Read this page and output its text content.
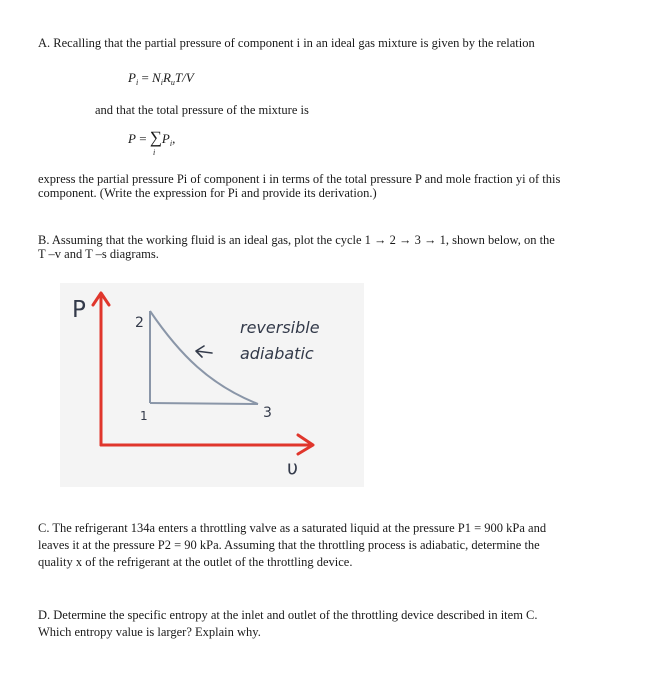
A. Recalling that the partial pressure of component i in an ideal gas mixture is given by the relation
$P_i = N_iR_uT/V$
and that the total pressure of the mixture is
$P = \sum P_i$,
i
express the partial pressure Pi of component i in terms of the total pressure P and mole fraction yi of this
component. (Write the expression for Pi and provide its derivation.)
B. Assuming that the working fluid is an ideal gas, plot the cycle 1 → 2 → 3 → 1, shown below, on the
T –v and T –s diagrams.
P
υ
1
2
3
reversible
adiabatic
C. The refrigerant 134a enters a throttling valve as a saturated liquid at the pressure P1 = 900 kPa and
leaves it at the pressure P2 = 90 kPa. Assuming that the throttling process is adiabatic, determine the
quality x of the refrigerant at the outlet of the throttling device.
D. Determine the specific entropy at the inlet and outlet of the throttling device described in item C.
Which entropy value is larger? Explain why.
